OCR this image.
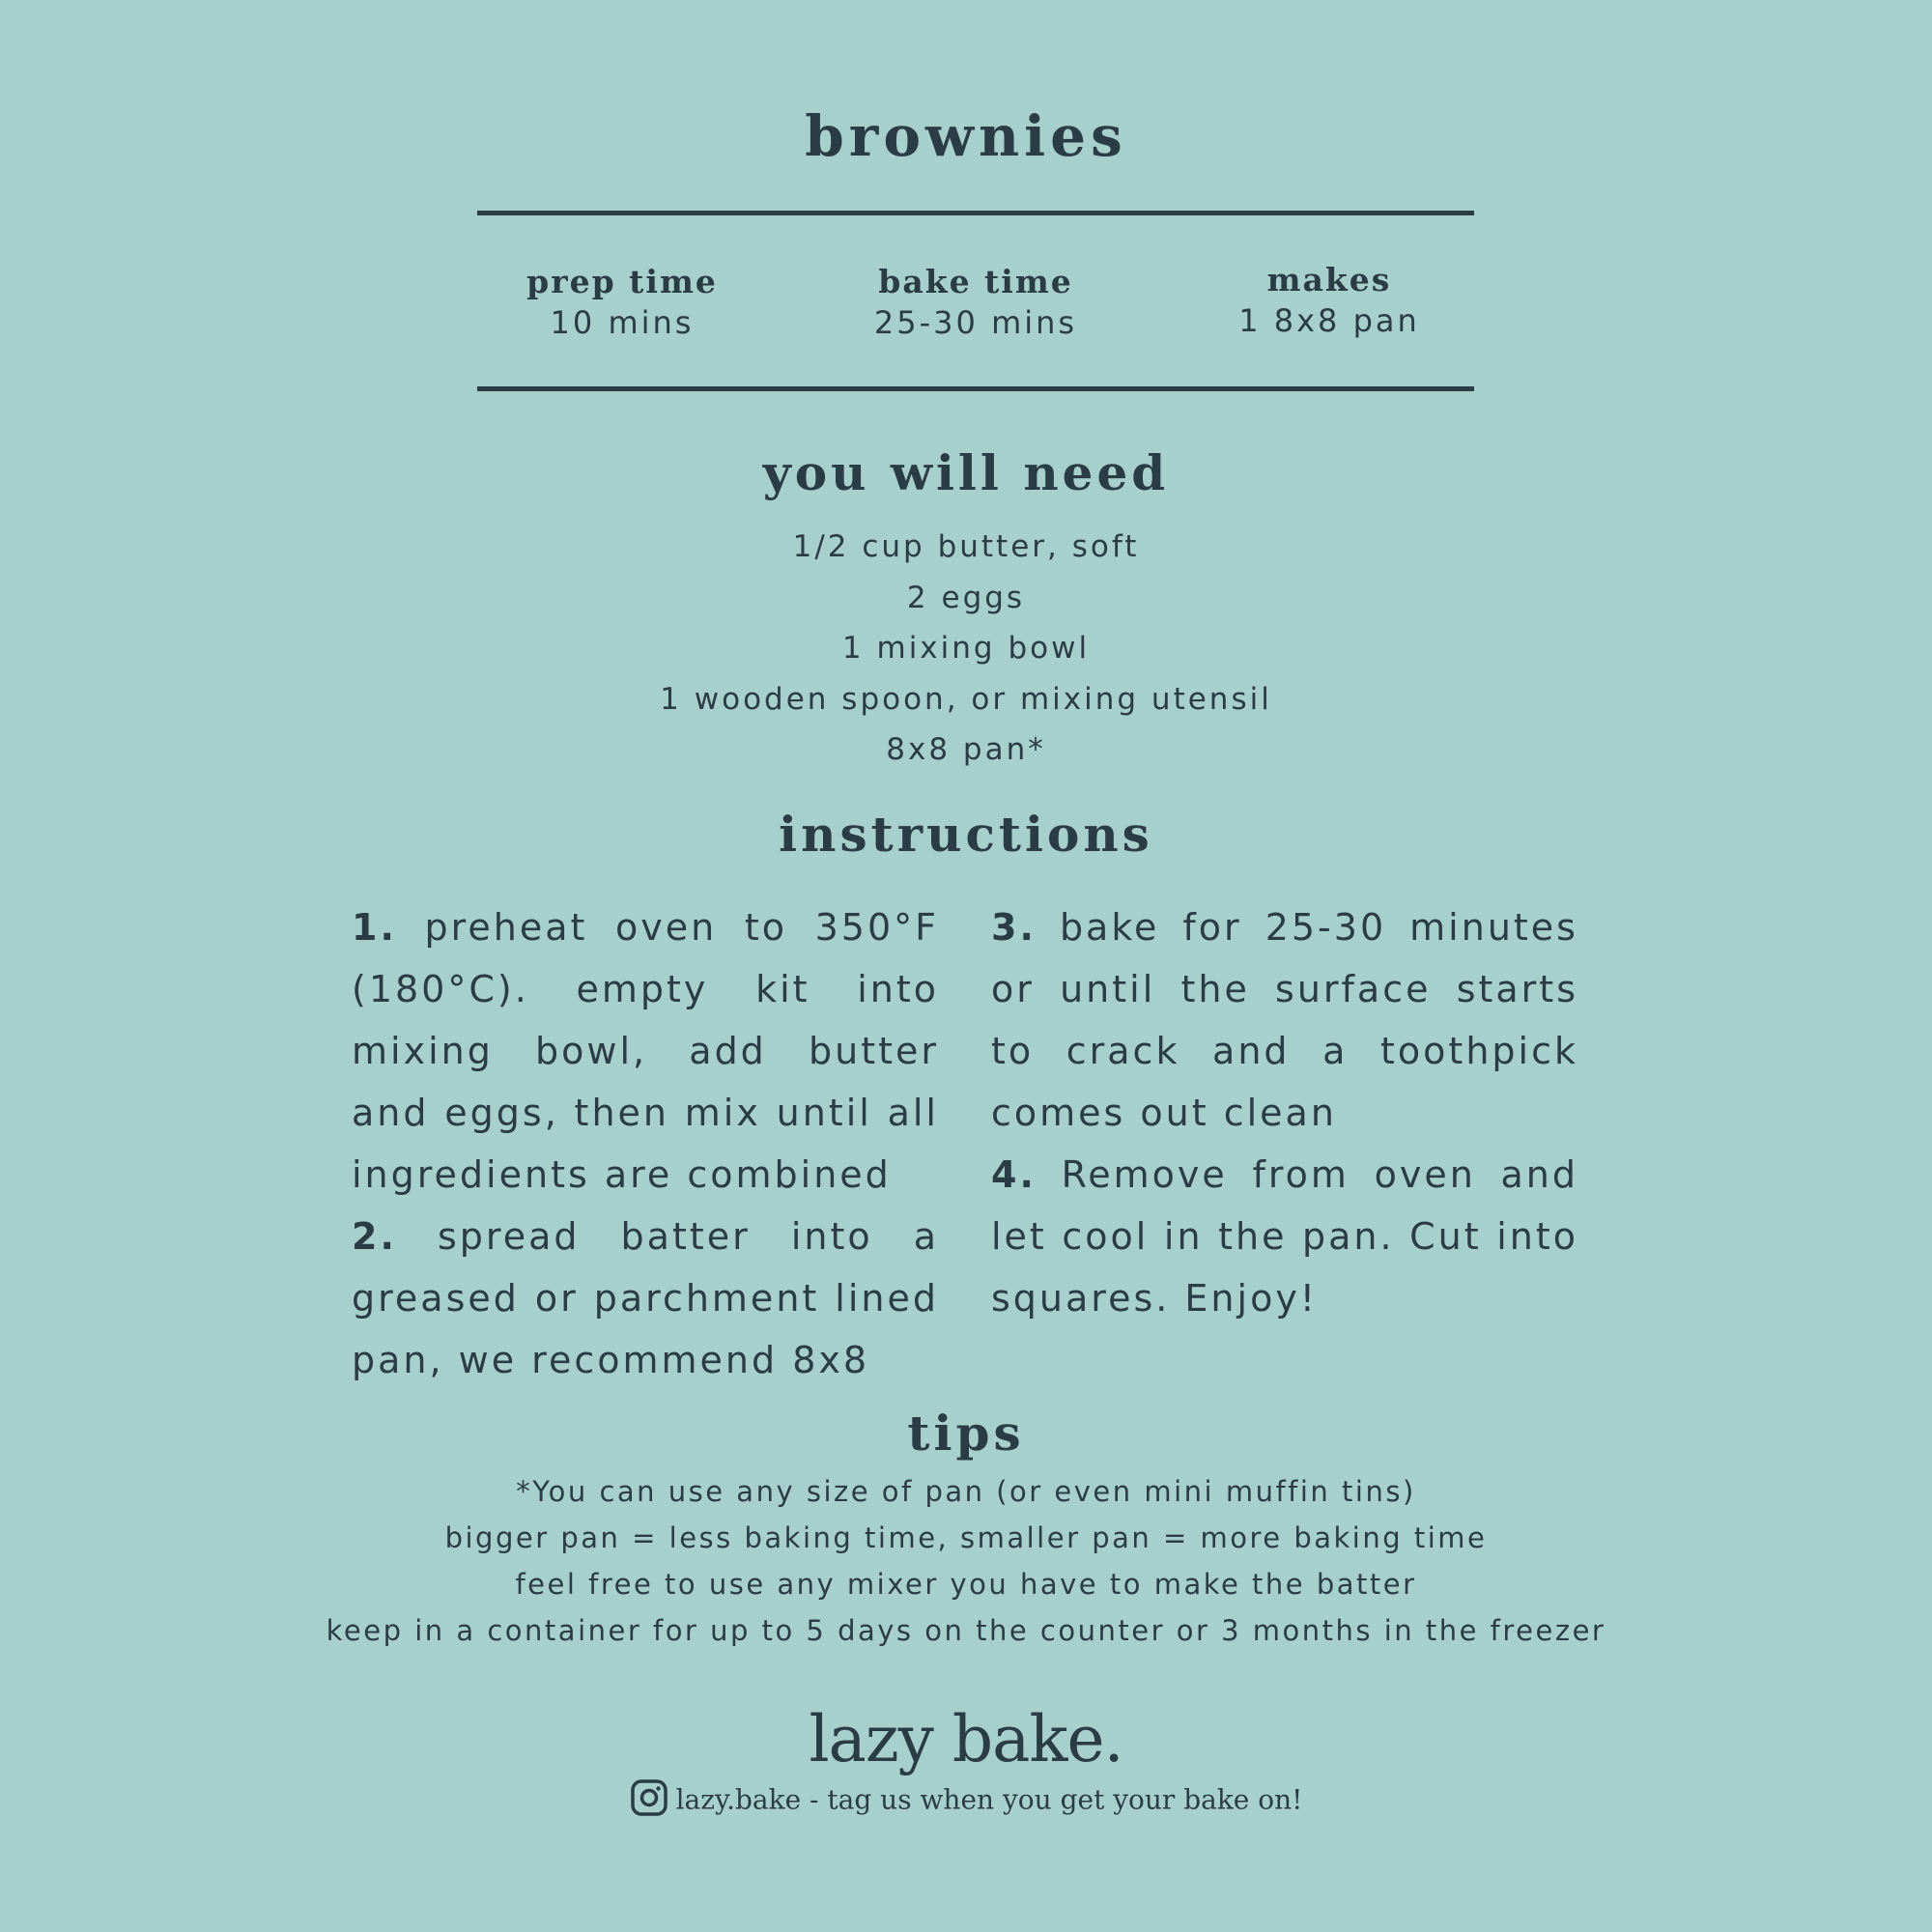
brownies
prep time
10 mins
bake time
25-30 mins
makes
1 8x8 pan
you will need
1/2 cup butter, soft
2 eggs
1 mixing bowl
1 wooden spoon, or mixing utensil
8x8 pan*
instructions

1. preheat oven to 350°F (180°C). empty kit into mixing bowl, add butter and eggs, then mix until all ingredients are combined

2. spread batter into a greased or parchment lined pan, we recommend 8x8

3. bake for 25-30 minutes or until the surface starts to crack and a toothpick comes out clean

4. Remove from oven and let cool in the pan. Cut into squares. Enjoy!

tips
*You can use any size of pan (or even mini muffin tins)
bigger pan = less baking time, smaller pan = more baking time
feel free to use any mixer you have to make the batter
keep in a container for up to 5 days on the counter or 3 months in the freezer
lazy bake.
lazy.bake - tag us when you get your bake on!
